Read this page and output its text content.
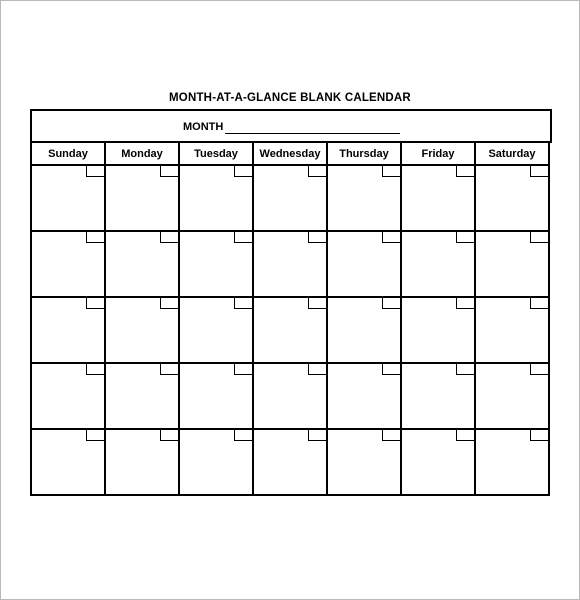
MONTH-AT-A-GLANCE BLANK CALENDAR
MONTH
Sunday	Monday	Tuesday	Wednesday	Thursday	Friday	Saturday
